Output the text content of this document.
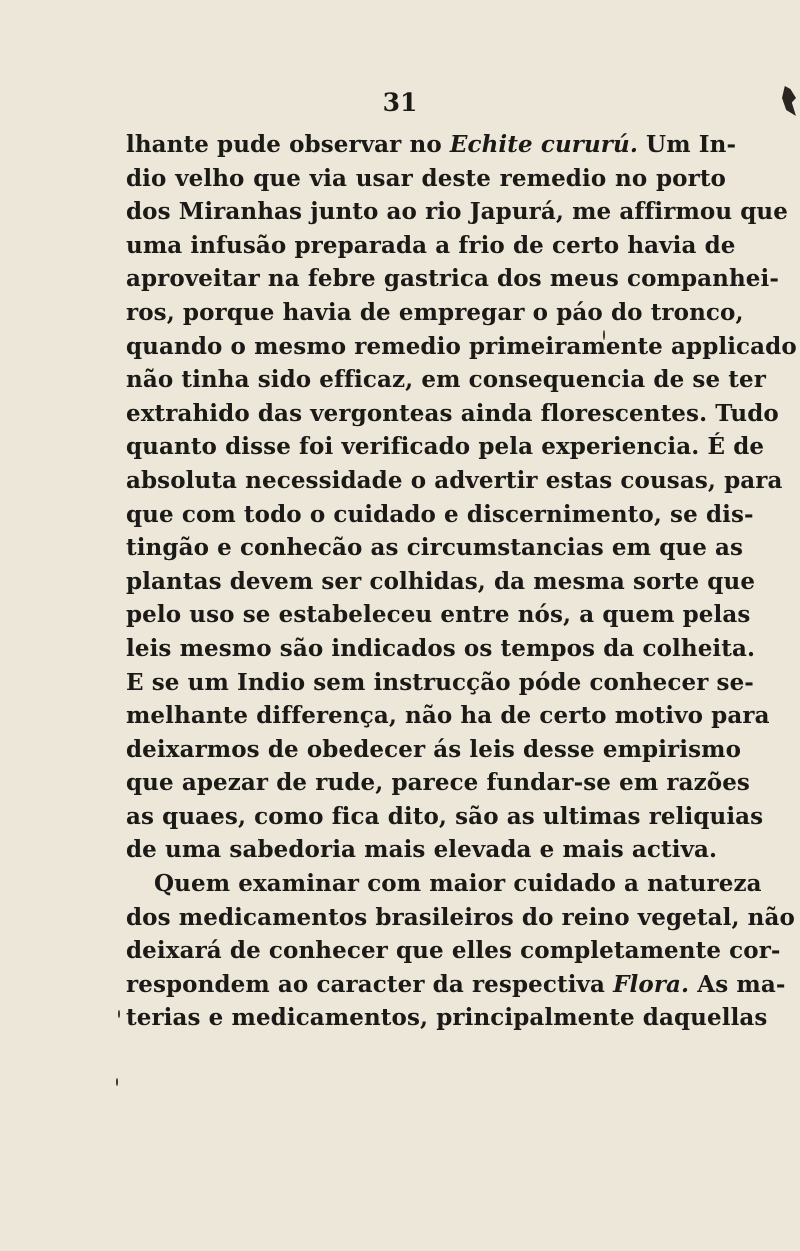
31
lhante pude observar no Echite cururú. Um In-
dio velho que via usar deste remedio no porto
dos Miranhas junto ao rio Japurá, me affirmou que
uma infusão preparada a frio de certo havia de
aproveitar na febre gastrica dos meus companhei-
ros, porque havia de empregar o páo do tronco,
quando o mesmo remedio primeiramente applicado
não tinha sido efficaz, em consequencia de se ter
extrahido das vergonteas ainda florescentes. Tudo
quanto disse foi verificado pela experiencia. É de
absoluta necessidade o advertir estas cousas, para
que com todo o cuidado e discernimento, se dis-
tingão e conhecão as circumstancias em que as
plantas devem ser colhidas, da mesma sorte que
pelo uso se estabeleceu entre nós, a quem pelas
leis mesmo são indicados os tempos da colheita.
E se um Indio sem instrucção póde conhecer se-
melhante differença, não ha de certo motivo para
deixarmos de obedecer ás leis desse empirismo
que apezar de rude, parece fundar-se em razões
as quaes, como fica dito, são as ultimas reliquias
de uma sabedoria mais elevada e mais activa.
Quem examinar com maior cuidado a natureza
dos medicamentos brasileiros do reino vegetal, não
deixará de conhecer que elles completamente cor-
respondem ao caracter da respectiva Flora. As ma-
terias e medicamentos, principalmente daquellas
